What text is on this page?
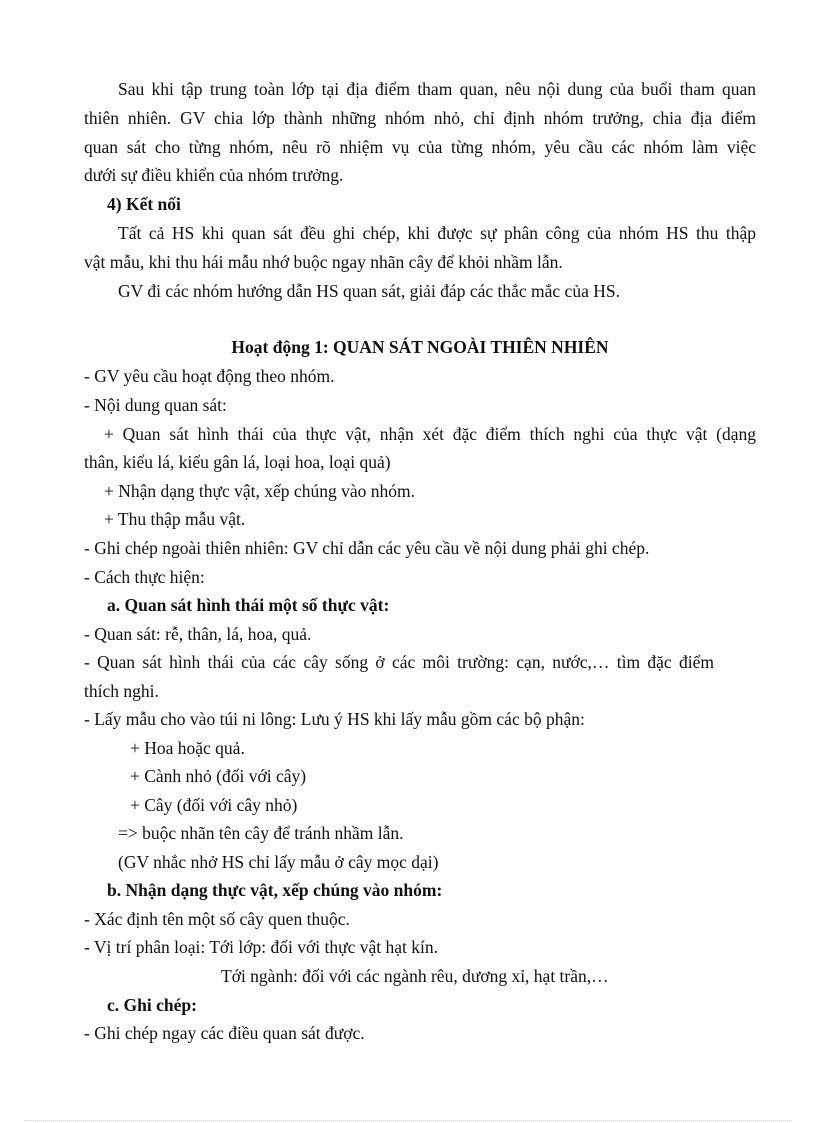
Sau khi tập trung toàn lớp tại địa điểm tham quan, nêu nội dung của buổi tham quan

thiên nhiên. GV chia lớp thành những nhóm nhỏ, chỉ định nhóm trưởng, chia địa điểm

quan sát cho từng nhóm, nêu rõ nhiệm vụ của từng nhóm, yêu cầu các nhóm làm việc

dưới sự điều khiển của nhóm trưởng.

4) Kết nối

Tất cả HS khi quan sát đều ghi chép, khi được sự phân công của nhóm HS thu thập

vật mẫu, khi thu hái mẫu nhớ buộc ngay nhãn cây để khỏi nhầm lẫn.

GV đi các nhóm hướng dẫn HS quan sát, giải đáp các thắc mắc của HS.

Hoạt động 1: QUAN SÁT NGOÀI THIÊN NHIÊN

- GV yêu cầu hoạt động theo nhóm.

- Nội dung quan sát:

+ Quan sát hình thái của thực vật, nhận xét đặc điểm thích nghi của thực vật (dạng

thân, kiểu lá, kiểu gân lá, loại hoa, loại quả)

+ Nhận dạng thực vật, xếp chúng vào nhóm.

+ Thu thập mẫu vật.

- Ghi chép ngoài thiên nhiên: GV chỉ dẫn các yêu cầu về nội dung phải ghi chép.

- Cách thực hiện:

a. Quan sát hình thái một số thực vật:

- Quan sát: rễ, thân, lá, hoa, quả.

- Quan sát hình thái của các cây sống ở các môi trường: cạn, nước,… tìm đặc điểm

thích nghi.

- Lấy mẫu cho vào túi ni lông: Lưu ý HS khi lấy mẫu gồm các bộ phận:

+ Hoa hoặc quả.

+ Cành nhỏ (đối với cây)

+ Cây (đối với cây nhỏ)

=> buộc nhãn tên cây để tránh nhầm lẫn.

(GV nhắc nhở HS chỉ lấy mẫu ở cây mọc dại)

b. Nhận dạng thực vật, xếp chúng vào nhóm:

- Xác định tên một số cây quen thuộc.

- Vị trí phân loại: Tới lớp: đối với thực vật hạt kín.

Tới ngành: đối với các ngành rêu, dương xỉ, hạt trần,…

c. Ghi chép:

- Ghi chép ngay các điều quan sát được.
